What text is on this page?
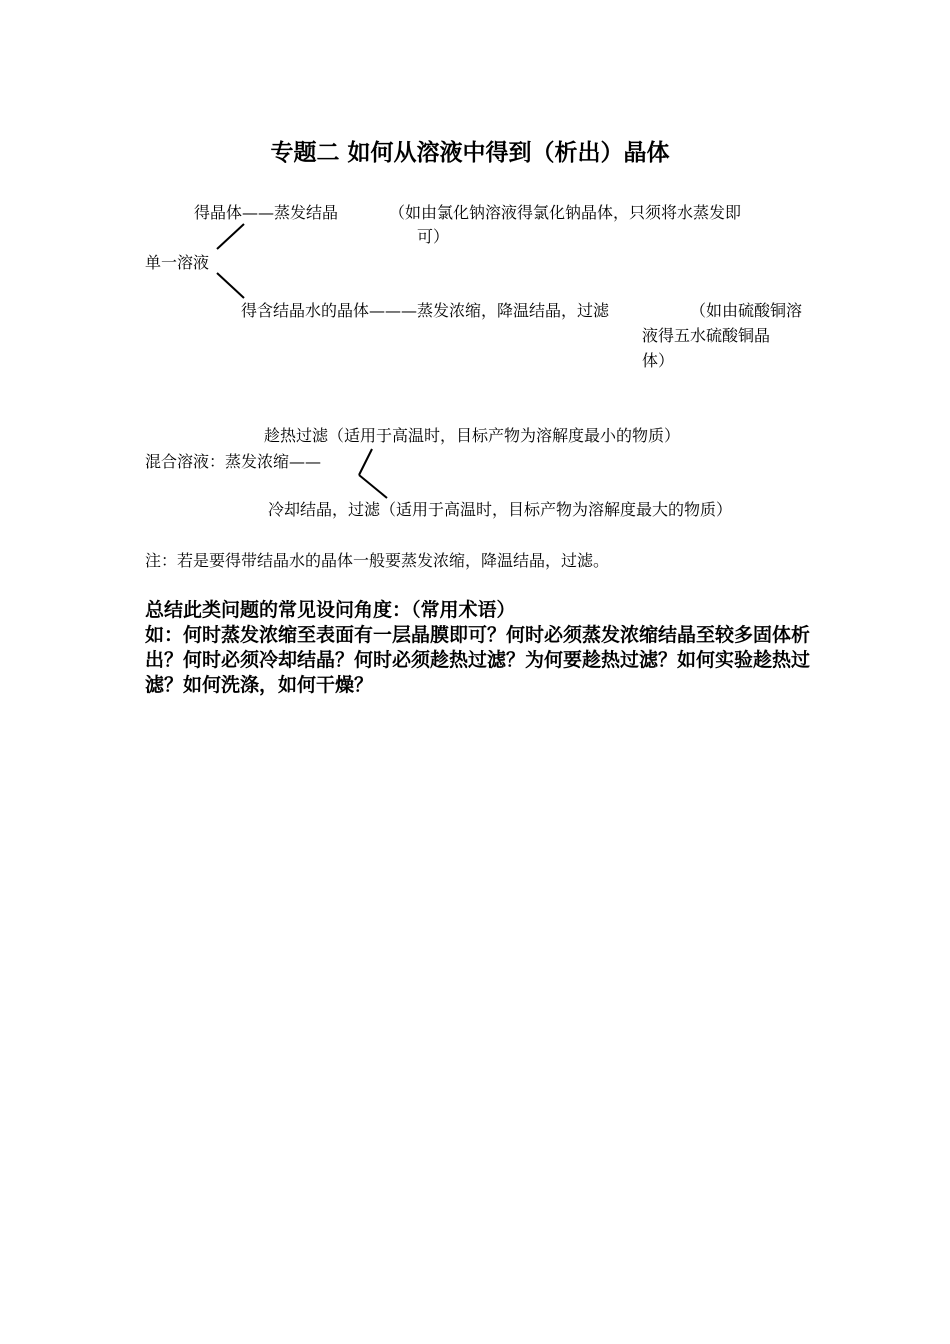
专题二 如何从溶液中得到（析出）晶体
得晶体——蒸发结晶	（如由氯化钠溶液得氯化钠晶体，只须将水蒸发即
可）
单一溶液
得含结晶水的晶体———蒸发浓缩，降温结晶，过滤	（如由硫酸铜溶
液得五水硫酸铜晶
体）
趁热过滤（适用于高温时，目标产物为溶解度最小的物质）
混合溶液：蒸发浓缩——
冷却结晶，过滤（适用于高温时，目标产物为溶解度最大的物质）
注：若是要得带结晶水的晶体一般要蒸发浓缩，降温结晶，过滤。
总结此类问题的常见设问角度：（常用术语）
如：何时蒸发浓缩至表面有一层晶膜即可？何时必须蒸发浓缩结晶至较多固体析出？何时必须冷却结晶？何时必须趁热过滤？为何要趁热过滤？如何实验趁热过滤？如何洗涤，如何干燥？
